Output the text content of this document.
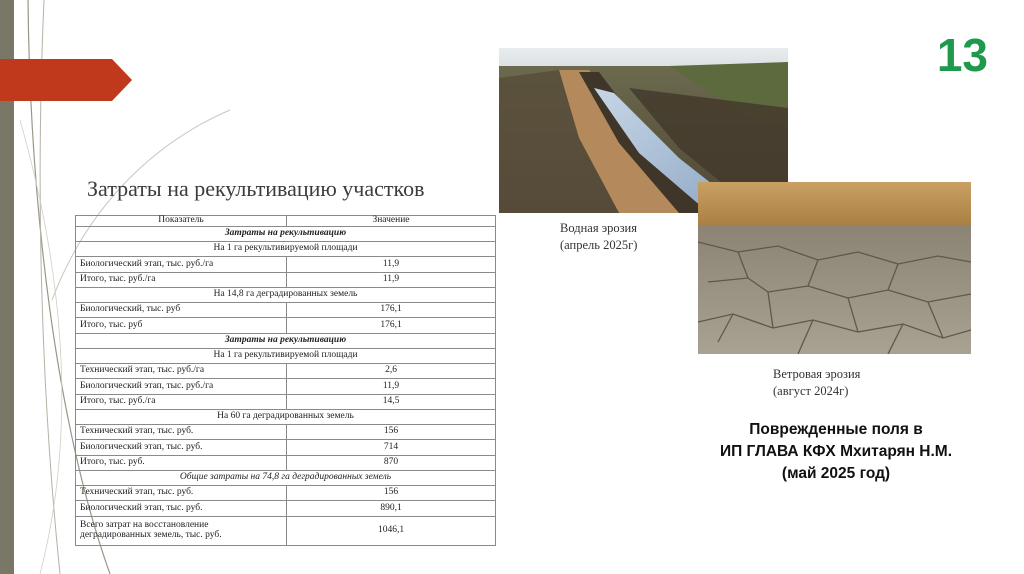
13
Затраты на рекультивацию участков
Показатель	Значение
Затраты на рекультивацию	
На 1 га рекультивируемой площади	
Биологический этап, тыс. руб./га	11,9
Итого, тыс. руб./га	11,9
На 14,8 га деградированных земель	
Биологический, тыс. руб	176,1
Итого, тыс. руб	176,1
Затраты на рекультивацию	
На 1 га рекультивируемой площади	
Технический этап, тыс. руб./га	2,6
Биологический этап, тыс. руб./га	11,9
Итого, тыс. руб./га	14,5
На 60 га деградированных земель	
Технический этап, тыс. руб.	156
Биологический этап, тыс. руб.	714
Итого, тыс. руб.	870
Общие затраты на 74,8 га деградированных земель	
Технический этап, тыс. руб.	156
Биологический этап, тыс. руб.	890,1
Всего затрат на восстановление деградированных земель, тыс. руб.	1046,1
Водная эрозия
(апрель 2025г)
Ветровая эрозия
(август 2024г)
Поврежденные поля в
ИП ГЛАВА КФХ Мхитарян Н.М.
(май 2025 год)
